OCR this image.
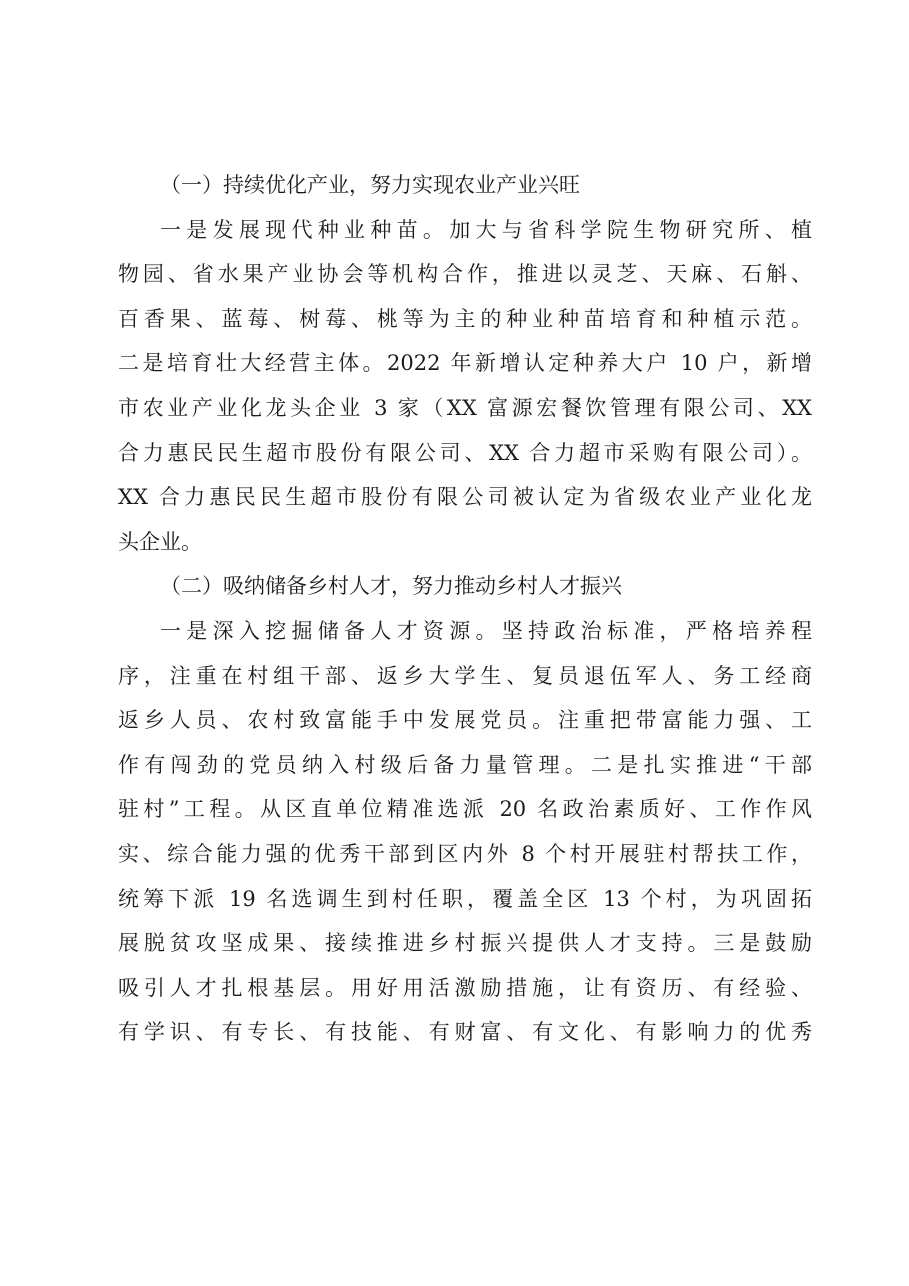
（一）持续优化产业，努力实现农业产业兴旺
一是发展现代种业种苗。加大与省科学院生物研究所、植
物园、省水果产业协会等机构合作，推进以灵芝、天麻、石斛、
百香果、蓝莓、树莓、桃等为主的种业种苗培育和种植示范。
二是培育壮大经营主体。2022 年新增认定种养大户 10 户，新增
市农业产业化龙头企业 3 家（XX 富源宏餐饮管理有限公司、XX
合力惠民民生超市股份有限公司、XX 合力超市采购有限公司）。
XX 合力惠民民生超市股份有限公司被认定为省级农业产业化龙
头企业。
（二）吸纳储备乡村人才，努力推动乡村人才振兴
一是深入挖掘储备人才资源。坚持政治标准，严格培养程
序，注重在村组干部、返乡大学生、复员退伍军人、务工经商
返乡人员、农村致富能手中发展党员。注重把带富能力强、工
作有闯劲的党员纳入村级后备力量管理。二是扎实推进“干部
驻村”工程。从区直单位精准选派 20 名政治素质好、工作作风
实、综合能力强的优秀干部到区内外 8 个村开展驻村帮扶工作，
统筹下派 19 名选调生到村任职，覆盖全区 13 个村，为巩固拓
展脱贫攻坚成果、接续推进乡村振兴提供人才支持。三是鼓励
吸引人才扎根基层。用好用活激励措施，让有资历、有经验、
有学识、有专长、有技能、有财富、有文化、有影响力的优秀
